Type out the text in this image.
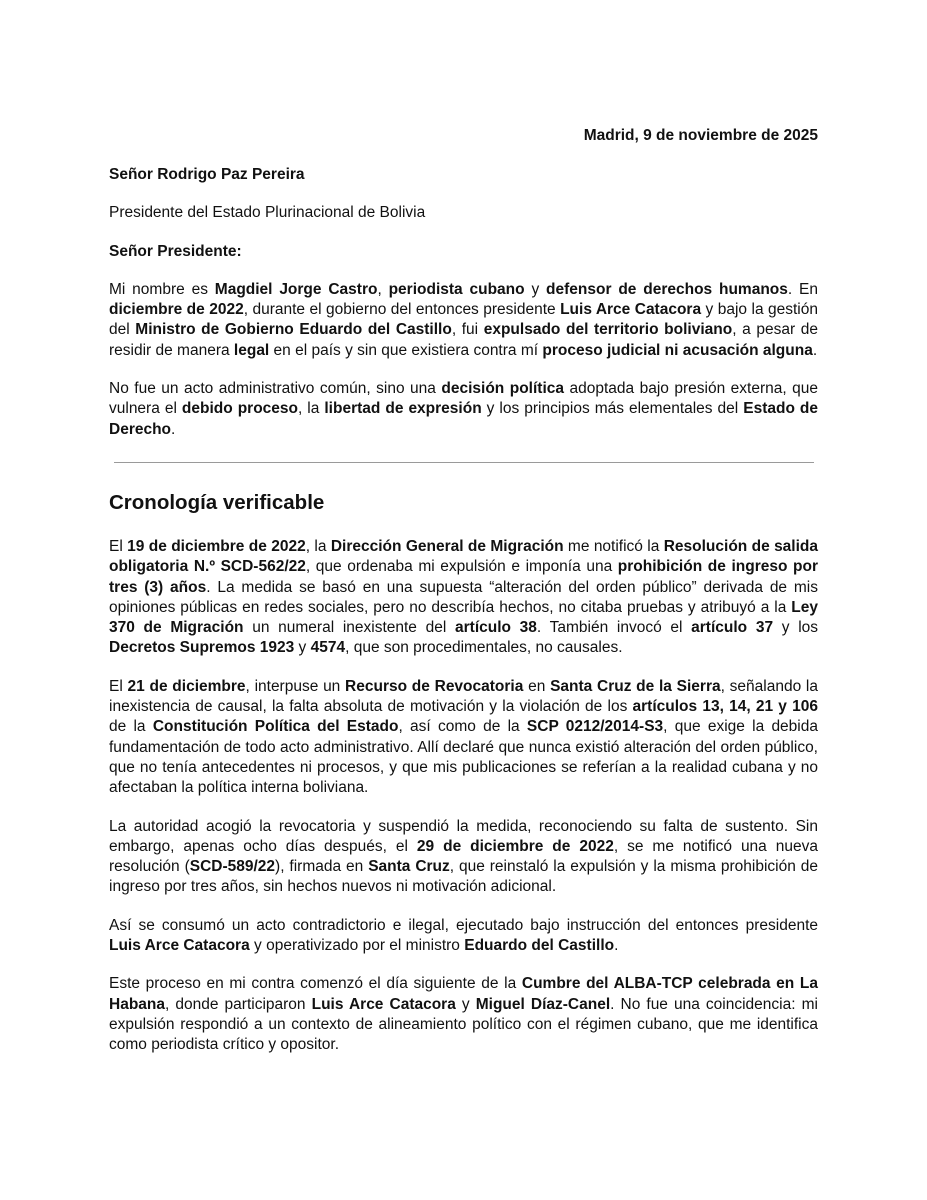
Madrid, 9 de noviembre de 2025

Señor Rodrigo Paz Pereira

Presidente del Estado Plurinacional de Bolivia

Señor Presidente:

Mi nombre es Magdiel Jorge Castro, periodista cubano y defensor de derechos humanos. En diciembre de 2022, durante el gobierno del entonces presidente Luis Arce Catacora y bajo la gestión del Ministro de Gobierno Eduardo del Castillo, fui expulsado del territorio boliviano, a pesar de residir de manera legal en el país y sin que existiera contra mí proceso judicial ni acusación alguna.

No fue un acto administrativo común, sino una decisión política adoptada bajo presión externa, que vulnera el debido proceso, la libertad de expresión y los principios más elementales del Estado de Derecho.

Cronología verificable

El 19 de diciembre de 2022, la Dirección General de Migración me notificó la Resolución de salida obligatoria N.º SCD-562/22, que ordenaba mi expulsión e imponía una prohibición de ingreso por tres (3) años. La medida se basó en una supuesta “alteración del orden público” derivada de mis opiniones públicas en redes sociales, pero no describía hechos, no citaba pruebas y atribuyó a la Ley 370 de Migración un numeral inexistente del artículo 38. También invocó el artículo 37 y los Decretos Supremos 1923 y 4574, que son procedimentales, no causales.

El 21 de diciembre, interpuse un Recurso de Revocatoria en Santa Cruz de la Sierra, señalando la inexistencia de causal, la falta absoluta de motivación y la violación de los artículos 13, 14, 21 y 106 de la Constitución Política del Estado, así como de la SCP 0212/2014-S3, que exige la debida fundamentación de todo acto administrativo. Allí declaré que nunca existió alteración del orden público, que no tenía antecedentes ni procesos, y que mis publicaciones se referían a la realidad cubana y no afectaban la política interna boliviana.

La autoridad acogió la revocatoria y suspendió la medida, reconociendo su falta de sustento. Sin embargo, apenas ocho días después, el 29 de diciembre de 2022, se me notificó una nueva resolución (SCD-589/22), firmada en Santa Cruz, que reinstaló la expulsión y la misma prohibición de ingreso por tres años, sin hechos nuevos ni motivación adicional.

Así se consumó un acto contradictorio e ilegal, ejecutado bajo instrucción del entonces presidente Luis Arce Catacora y operativizado por el ministro Eduardo del Castillo.

Este proceso en mi contra comenzó el día siguiente de la Cumbre del ALBA-TCP celebrada en La Habana, donde participaron Luis Arce Catacora y Miguel Díaz-Canel. No fue una coincidencia: mi expulsión respondió a un contexto de alineamiento político con el régimen cubano, que me identifica como periodista crítico y opositor.
